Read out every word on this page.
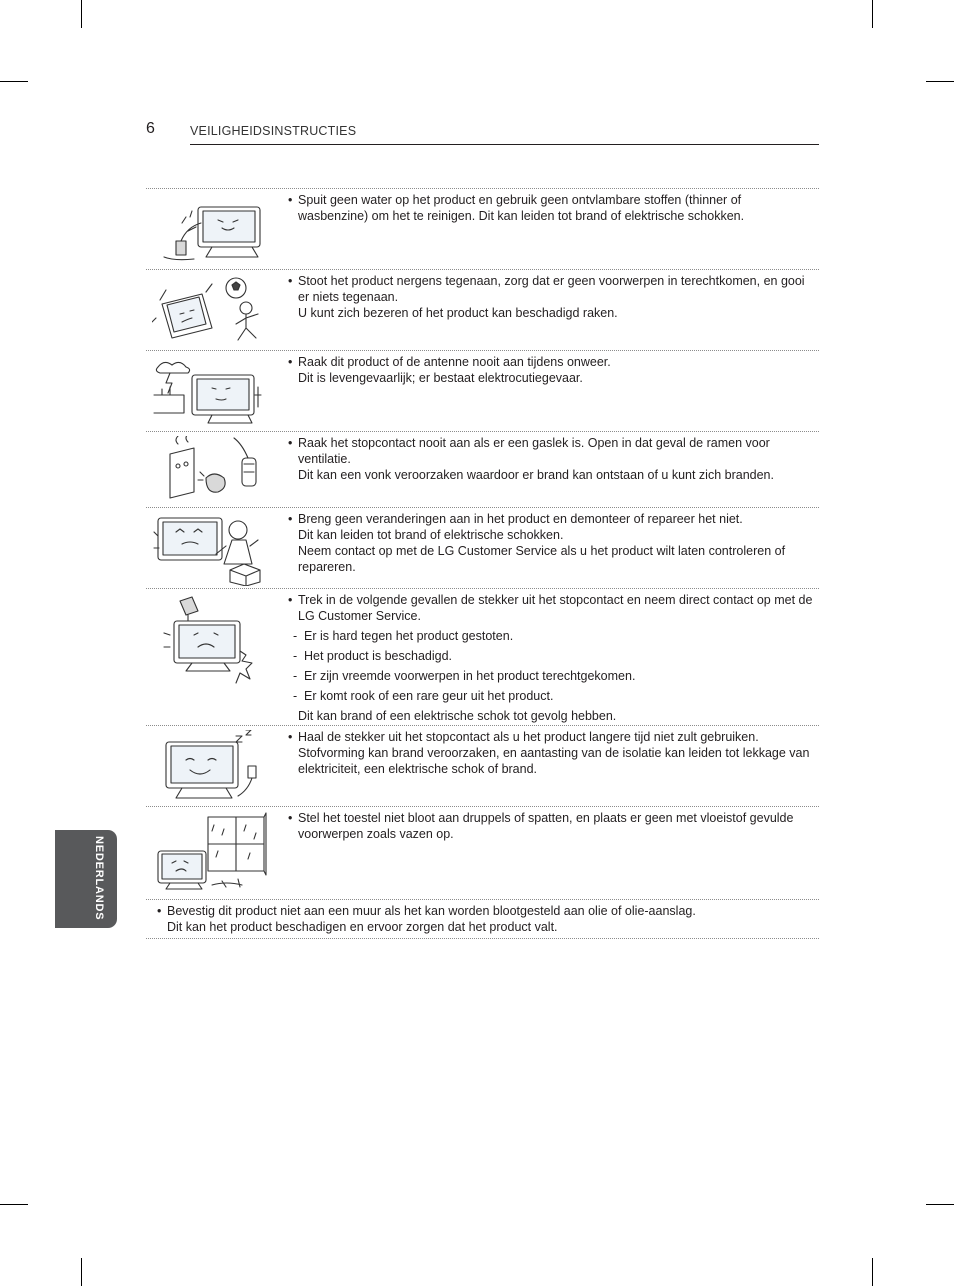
6	VEILIGHEIDSINSTRUCTIES
NEDERLANDS
• Spuit geen water op het product en gebruik geen ontvlambare stoffen (thinner of wasbenzine) om het te reinigen. Dit kan leiden tot brand of elektrische schokken.
• Stoot het product nergens tegenaan, zorg dat er geen voorwerpen in terechtkomen, en gooi er niets tegenaan.
U kunt zich bezeren of het product kan beschadigd raken.
• Raak dit product of de antenne nooit aan tijdens onweer.
Dit is levengevaarlijk; er bestaat elektrocutiegevaar.
• Raak het stopcontact nooit aan als er een gaslek is. Open in dat geval de ramen voor ventilatie.
Dit kan een vonk veroorzaken waardoor er brand kan ontstaan of u kunt zich branden.
• Breng geen veranderingen aan in het product en demonteer of repareer het niet.
Dit kan leiden tot brand of elektrische schokken.
Neem contact op met de LG Customer Service als u het product wilt laten controleren of repareren.
• Trek in de volgende gevallen de stekker uit het stopcontact en neem direct contact op met de LG Customer Service.
- Er is hard tegen het product gestoten.
- Het product is beschadigd.
- Er zijn vreemde voorwerpen in het product terechtgekomen.
- Er komt rook of een rare geur uit het product.
Dit kan brand of een elektrische schok tot gevolg hebben.
• Haal de stekker uit het stopcontact als u het product langere tijd niet zult gebruiken. Stofvorming kan brand veroorzaken, en aantasting van de isolatie kan leiden tot lekkage van elektriciteit, een elektrische schok of brand.
• Stel het toestel niet bloot aan druppels of spatten, en plaats er geen met vloeistof gevulde voorwerpen zoals vazen op.
• Bevestig dit product niet aan een muur als het kan worden blootgesteld aan olie of olie-aanslag.
Dit kan het product beschadigen en ervoor zorgen dat het product valt.
